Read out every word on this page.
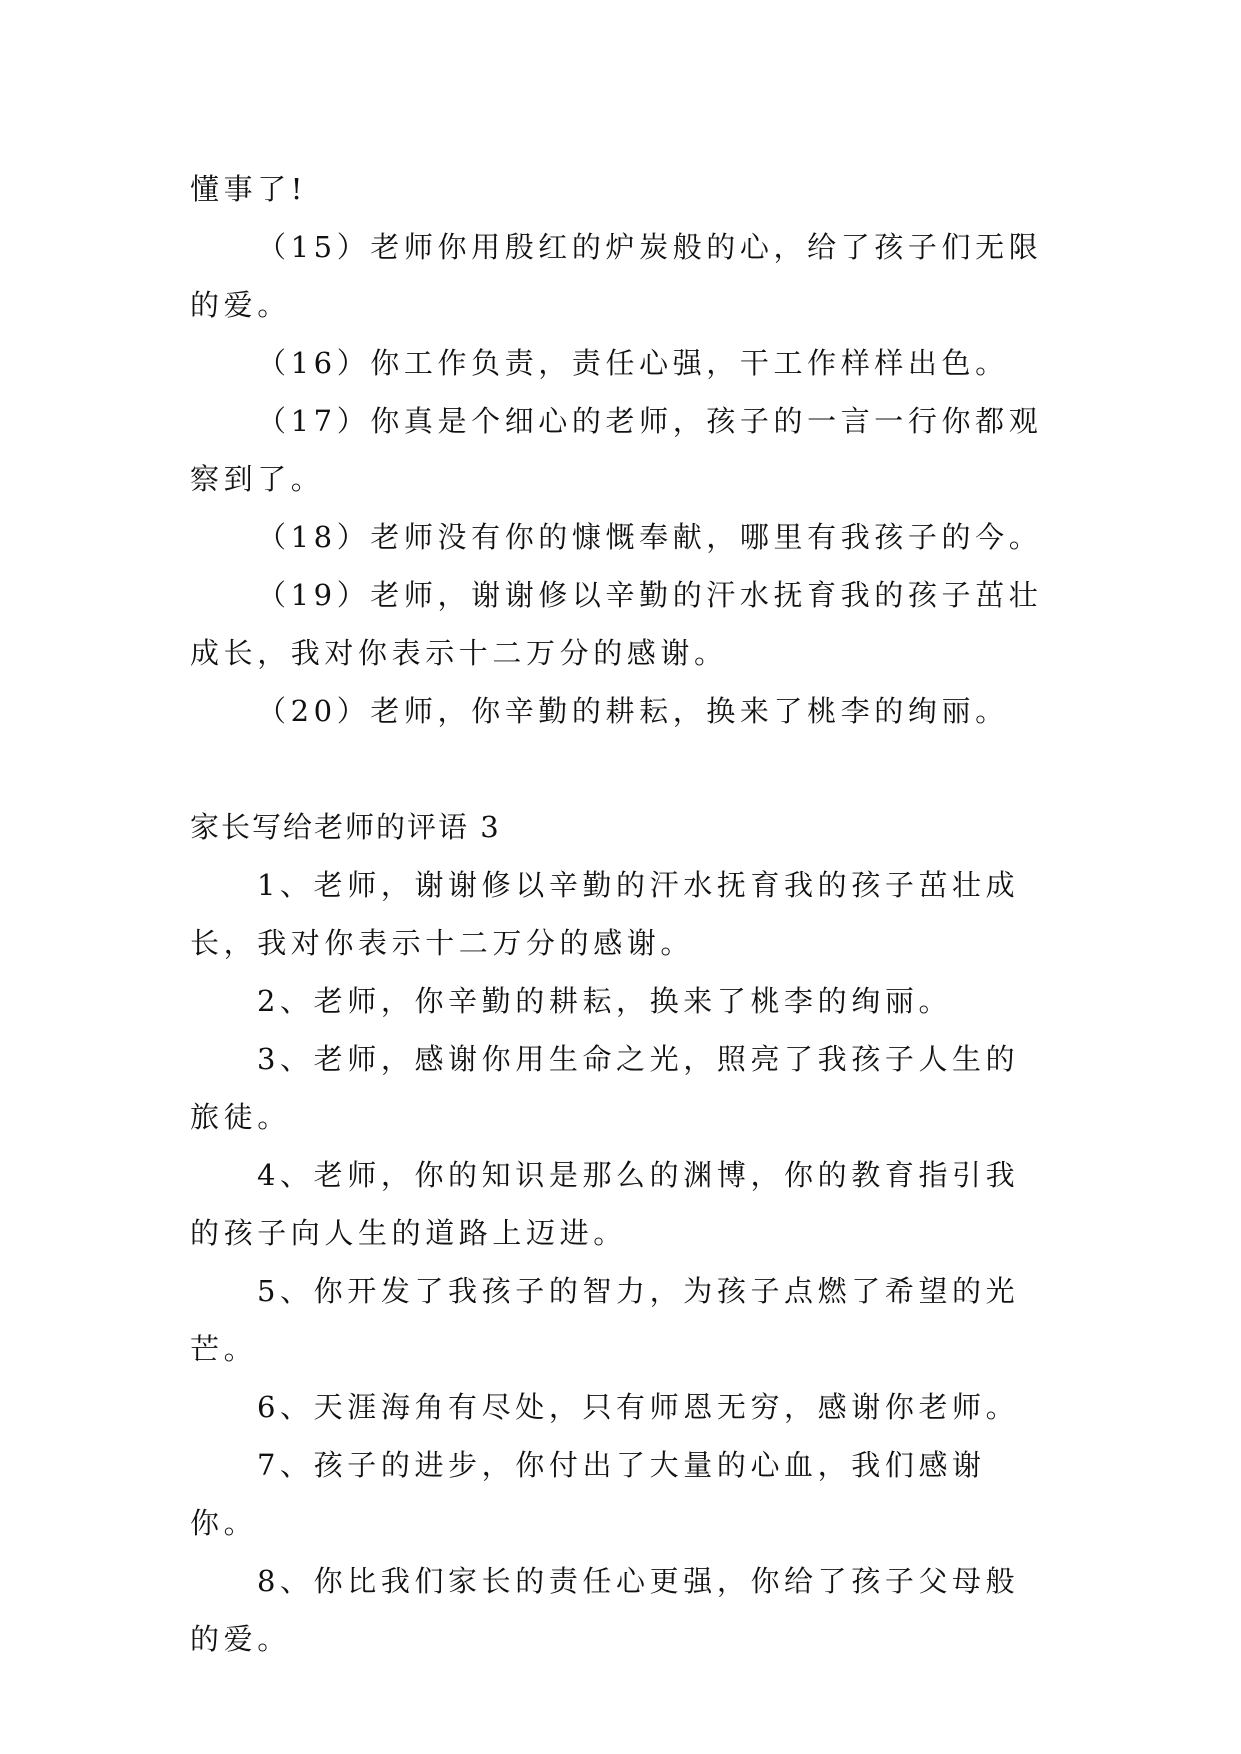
懂事了!

（15）老师你用殷红的炉炭般的心，给了孩子们无限的爱。

（16）你工作负责，责任心强，干工作样样出色。

（17）你真是个细心的老师，孩子的一言一行你都观察到了。

（18）老师没有你的慷慨奉献，哪里有我孩子的今。

（19）老师，谢谢修以辛勤的汗水抚育我的孩子茁壮成长，我对你表示十二万分的感谢。

（20）老师，你辛勤的耕耘，换来了桃李的绚丽。

家长写给老师的评语 3

1、老师，谢谢修以辛勤的汗水抚育我的孩子茁壮成长，我对你表示十二万分的感谢。

2、老师，你辛勤的耕耘，换来了桃李的绚丽。

3、老师，感谢你用生命之光，照亮了我孩子人生的旅徒。

4、老师，你的知识是那么的渊博，你的教育指引我的孩子向人生的道路上迈进。

5、你开发了我孩子的智力，为孩子点燃了希望的光芒。

6、天涯海角有尽处，只有师恩无穷，感谢你老师。

7、孩子的进步，你付出了大量的心血，我们感谢你。

8、你比我们家长的责任心更强，你给了孩子父母般的爱。
